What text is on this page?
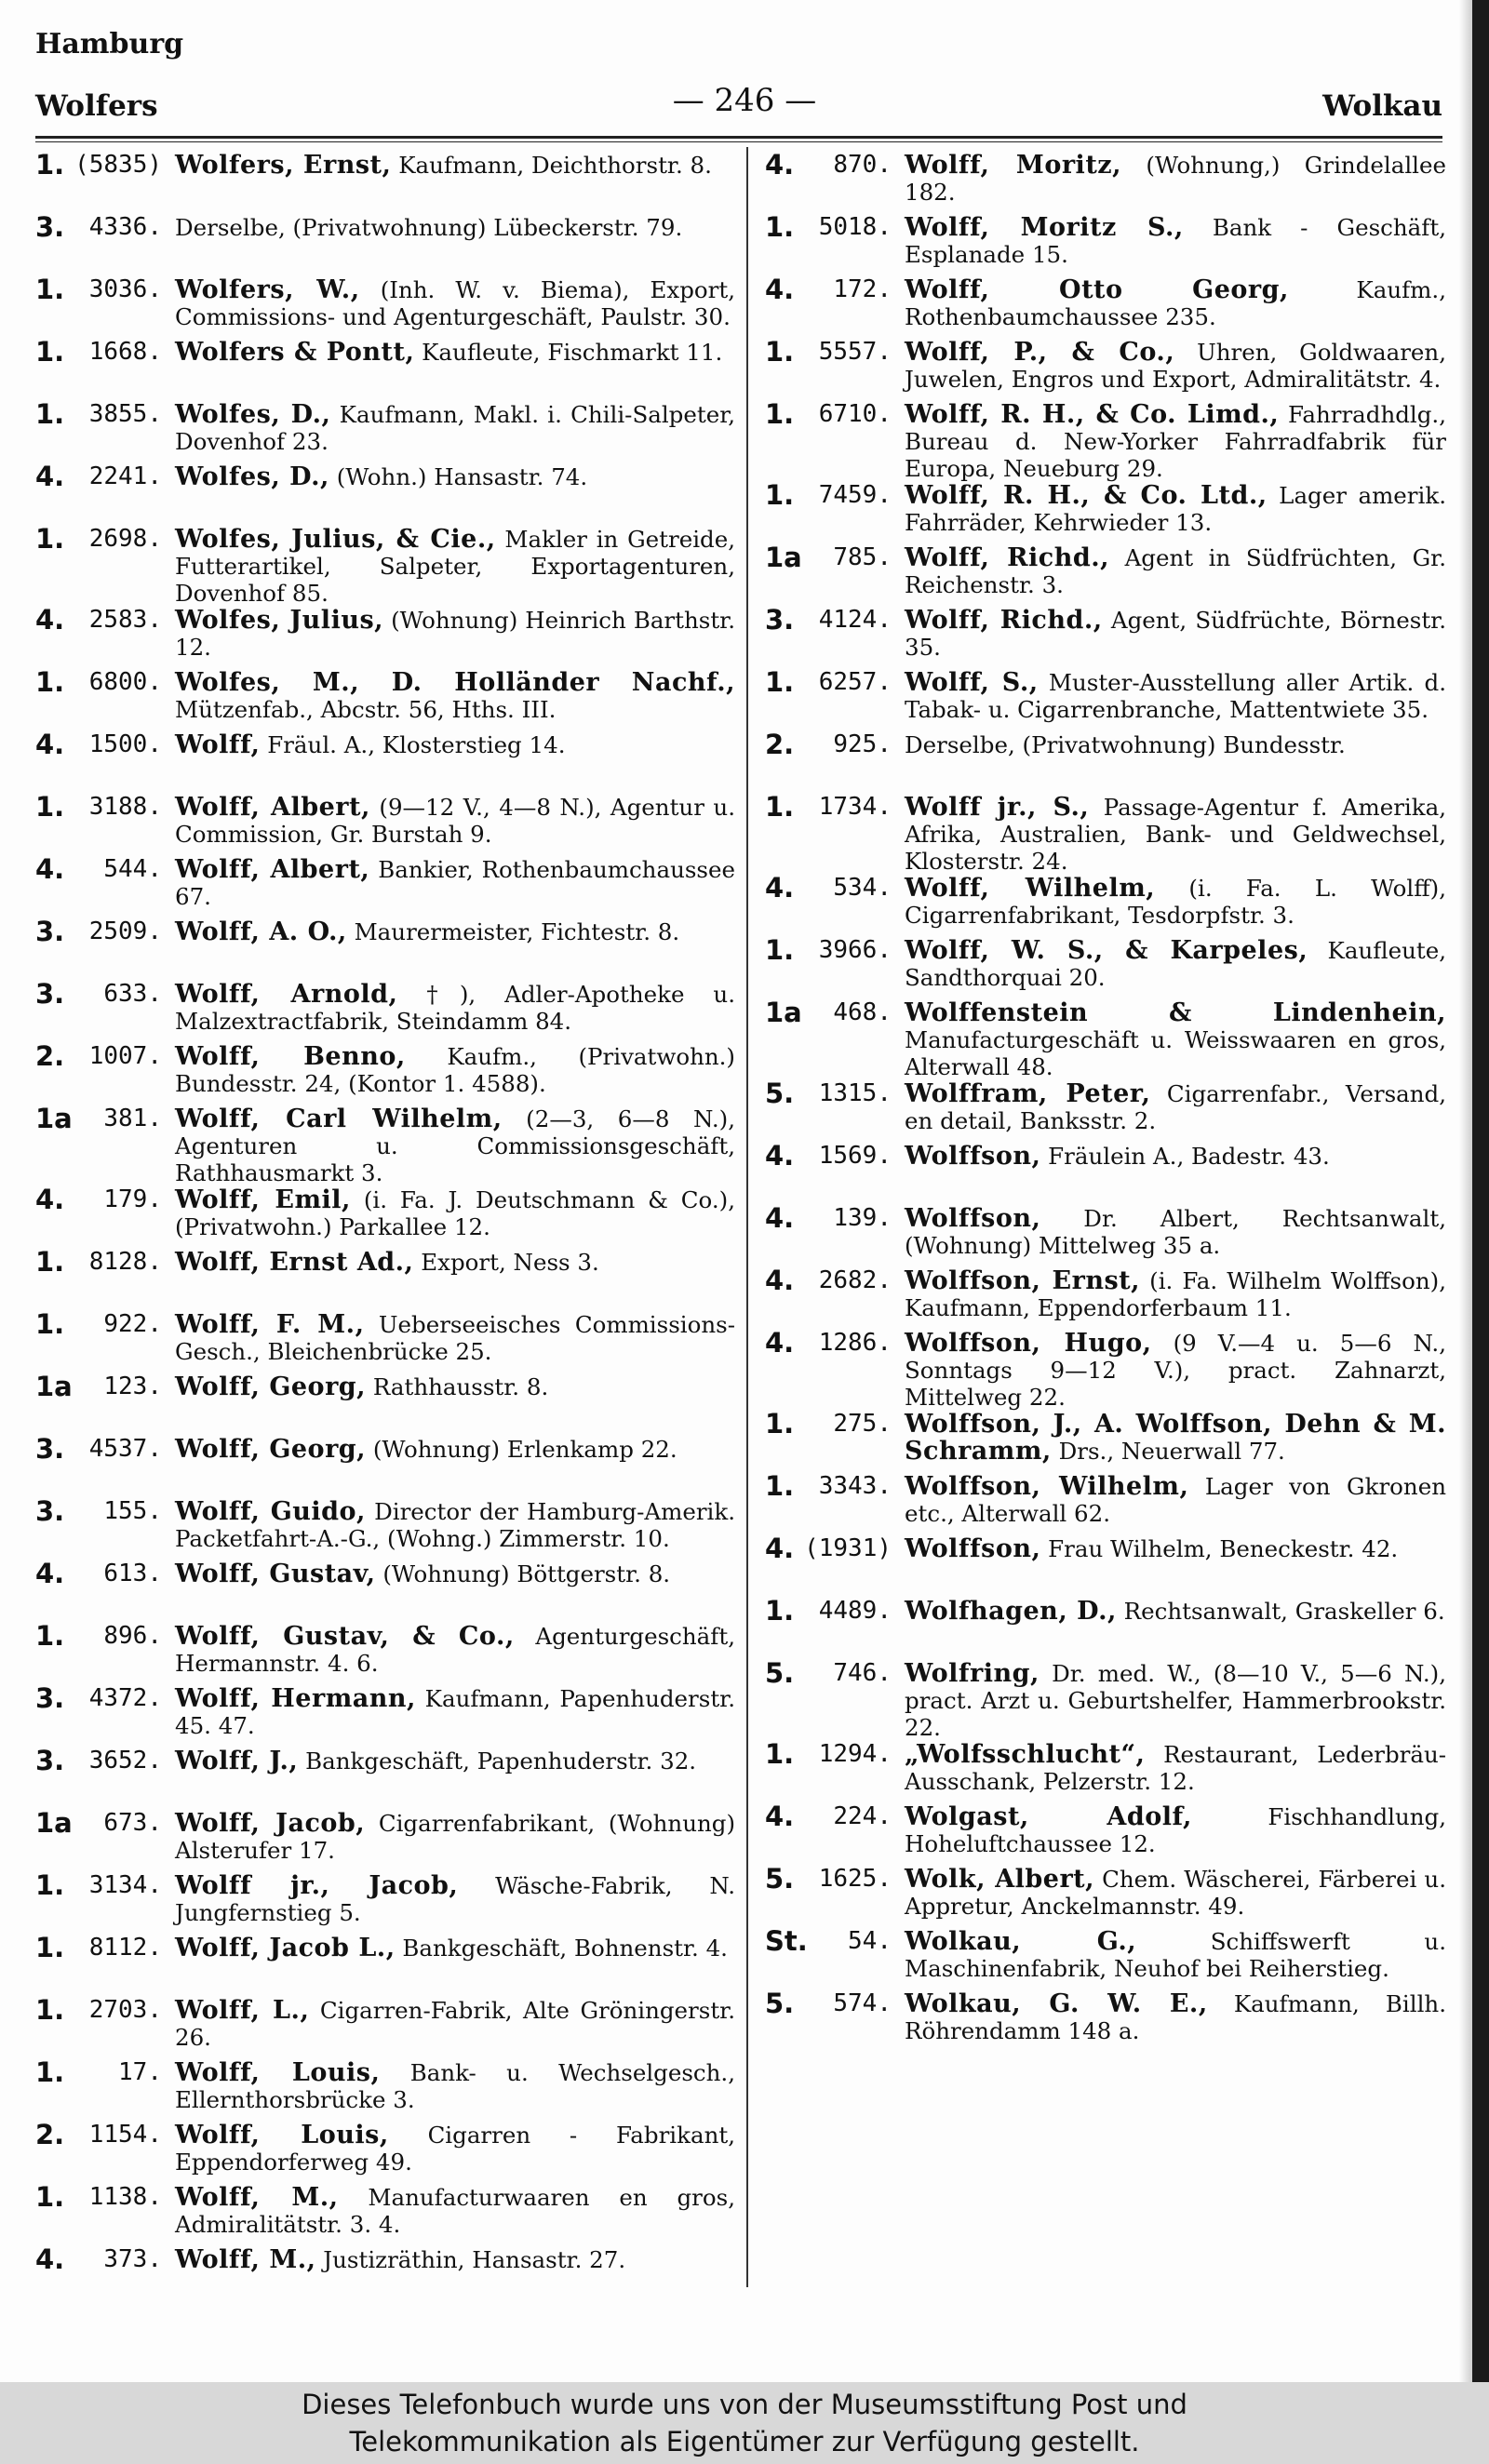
Hamburg
Wolfers	— 246 —	Wolkau
1. (5835) Wolfers, Ernst, Kaufmann, Deichthorstr. 8.
3.	4336. Derselbe, (Privatwohnung) Lübeckerstr. 79.
1.	3036. Wolfers, W., (Inh. W. v. Biema), Export, Commissions- und Agenturgeschäft, Paulstr. 30.
1.	1668. Wolfers & Pontt, Kaufleute, Fischmarkt 11.
1.	3855. Wolfes, D., Kaufmann, Makl. i. Chili-Salpeter, Dovenhof 23.
4.	2241. Wolfes, D., (Wohn.) Hansastr. 74.
1.	2698. Wolfes, Julius, & Cie., Makler in Getreide, Futterartikel, Salpeter, Exportagenturen, Dovenhof 85.
4.	2583. Wolfes, Julius, (Wohnung) Heinrich Barthstr. 12.
1.	6800. Wolfes, M., D. Holländer Nachf., Mützenfab., Abcstr. 56, Hths. III.
4.	1500. Wolff, Fräul. A., Klosterstieg 14.
1.	3188. Wolff, Albert, (9—12 V., 4—8 N.), Agentur u. Commission, Gr. Burstah 9.
4.	544. Wolff, Albert, Bankier, Rothenbaumchaussee 67.
3.	2509. Wolff, A. O., Maurermeister, Fichtestr. 8.
3.	633. Wolff, Arnold, †), Adler-Apotheke u. Malzextractfabrik, Steindamm 84.
2.	1007. Wolff, Benno, Kaufm., (Privatwohn.) Bundesstr. 24, (Kontor 1. 4588).
1a	381. Wolff, Carl Wilhelm, (2—3, 6—8 N.), Agenturen u. Commissionsgeschäft, Rathhausmarkt 3.
4.	179. Wolff, Emil, (i. Fa. J. Deutschmann & Co.), (Privatwohn.) Parkallee 12.
1.	8128. Wolff, Ernst Ad., Export, Ness 3.
1.	922. Wolff, F. M., Ueberseeisches Commissions-Gesch., Bleichenbrücke 25.
1a	123. Wolff, Georg, Rathhausstr. 8.
3.	4537. Wolff, Georg, (Wohnung) Erlenkamp 22.
3.	155. Wolff, Guido, Director der Hamburg-Amerik. Packetfahrt-A.-G., (Wohng.) Zimmerstr. 10.
4.	613. Wolff, Gustav, (Wohnung) Böttgerstr. 8.
1.	896. Wolff, Gustav, & Co., Agenturgeschäft, Hermannstr. 4. 6.
3.	4372. Wolff, Hermann, Kaufmann, Papenhuderstr. 45. 47.
3.	3652. Wolff, J., Bankgeschäft, Papenhuderstr. 32.
1a	673. Wolff, Jacob, Cigarrenfabrikant, (Wohnung) Alsterufer 17.
1.	3134. Wolff jr., Jacob, Wäsche-Fabrik, N. Jungfernstieg 5.
1.	8112. Wolff, Jacob L., Bankgeschäft, Bohnenstr. 4.
1.	2703. Wolff, L., Cigarren-Fabrik, Alte Gröningerstr. 26.
1.	17. Wolff, Louis, Bank- u. Wechselgesch., Ellernthorsbrücke 3.
2.	1154. Wolff, Louis, Cigarren - Fabrikant, Eppendorferweg 49.
1.	1138. Wolff, M., Manufacturwaaren en gros, Admiralitätstr. 3. 4.
4.	373. Wolff, M., Justizräthin, Hansastr. 27.
4.	870. Wolff, Moritz, (Wohnung,) Grindelallee 182.
1.	5018. Wolff, Moritz S., Bank - Geschäft, Esplanade 15.
4.	172. Wolff, Otto Georg, Kaufm., Rothenbaumchaussee 235.
1.	5557. Wolff, P., & Co., Uhren, Goldwaaren, Juwelen, Engros und Export, Admiralitätstr. 4.
1.	6710. Wolff, R. H., & Co. Limd., Fahrradhdlg., Bureau d. New-Yorker Fahrradfabrik für Europa, Neueburg 29.
1.	7459. Wolff, R. H., & Co. Ltd., Lager amerik. Fahrräder, Kehrwieder 13.
1a	785. Wolff, Richd., Agent in Südfrüchten, Gr. Reichenstr. 3.
3.	4124. Wolff, Richd., Agent, Südfrüchte, Börnestr. 35.
1.	6257. Wolff, S., Muster-Ausstellung aller Artik. d. Tabak- u. Cigarrenbranche, Mattentwiete 35.
2.	925. Derselbe, (Privatwohnung) Bundesstr.
1.	1734. Wolff jr., S., Passage-Agentur f. Amerika, Afrika, Australien, Bank- und Geldwechsel, Klosterstr. 24.
4.	534. Wolff, Wilhelm, (i. Fa. L. Wolff), Cigarrenfabrikant, Tesdorpfstr. 3.
1.	3966. Wolff, W. S., & Karpeles, Kaufleute, Sandthorquai 20.
1a	468. Wolffenstein & Lindenhein, Manufacturgeschäft u. Weisswaaren en gros, Alterwall 48.
5.	1315. Wolffram, Peter, Cigarrenfabr., Versand, en detail, Banksstr. 2.
4.	1569. Wolffson, Fräulein A., Badestr. 43.
4.	139. Wolffson, Dr. Albert, Rechtsanwalt, (Wohnung) Mittelweg 35 a.
4.	2682. Wolffson, Ernst, (i. Fa. Wilhelm Wolffson), Kaufmann, Eppendorferbaum 11.
4.	1286. Wolffson, Hugo, (9 V.—4 u. 5—6 N., Sonntags 9—12 V.), pract. Zahnarzt, Mittelweg 22.
1.	275. Wolffson, J., A. Wolffson, Dehn & M. Schramm, Drs., Neuerwall 77.
1.	3343. Wolffson, Wilhelm, Lager von Gkronen etc., Alterwall 62.
4. (1931) Wolffson, Frau Wilhelm, Beneckestr. 42.
1.	4489. Wolfhagen, D., Rechtsanwalt, Graskeller 6.
5.	746. Wolfring, Dr. med. W., (8—10 V., 5—6 N.), pract. Arzt u. Geburtshelfer, Hammerbrookstr. 22.
1.	1294. „Wolfsschlucht“, Restaurant, Lederbräu-Ausschank, Pelzerstr. 12.
4.	224. Wolgast, Adolf, Fischhandlung, Hoheluftchaussee 12.
5.	1625. Wolk, Albert, Chem. Wäscherei, Färberei u. Appretur, Anckelmannstr. 49.
St.	54. Wolkau, G., Schiffswerft u. Maschinenfabrik, Neuhof bei Reiherstieg.
5.	574. Wolkau, G. W. E., Kaufmann, Billh. Röhrendamm 148 a.
Dieses Telefonbuch wurde uns von der Museumsstiftung Post und
Telekommunikation als Eigentümer zur Verfügung gestellt.
